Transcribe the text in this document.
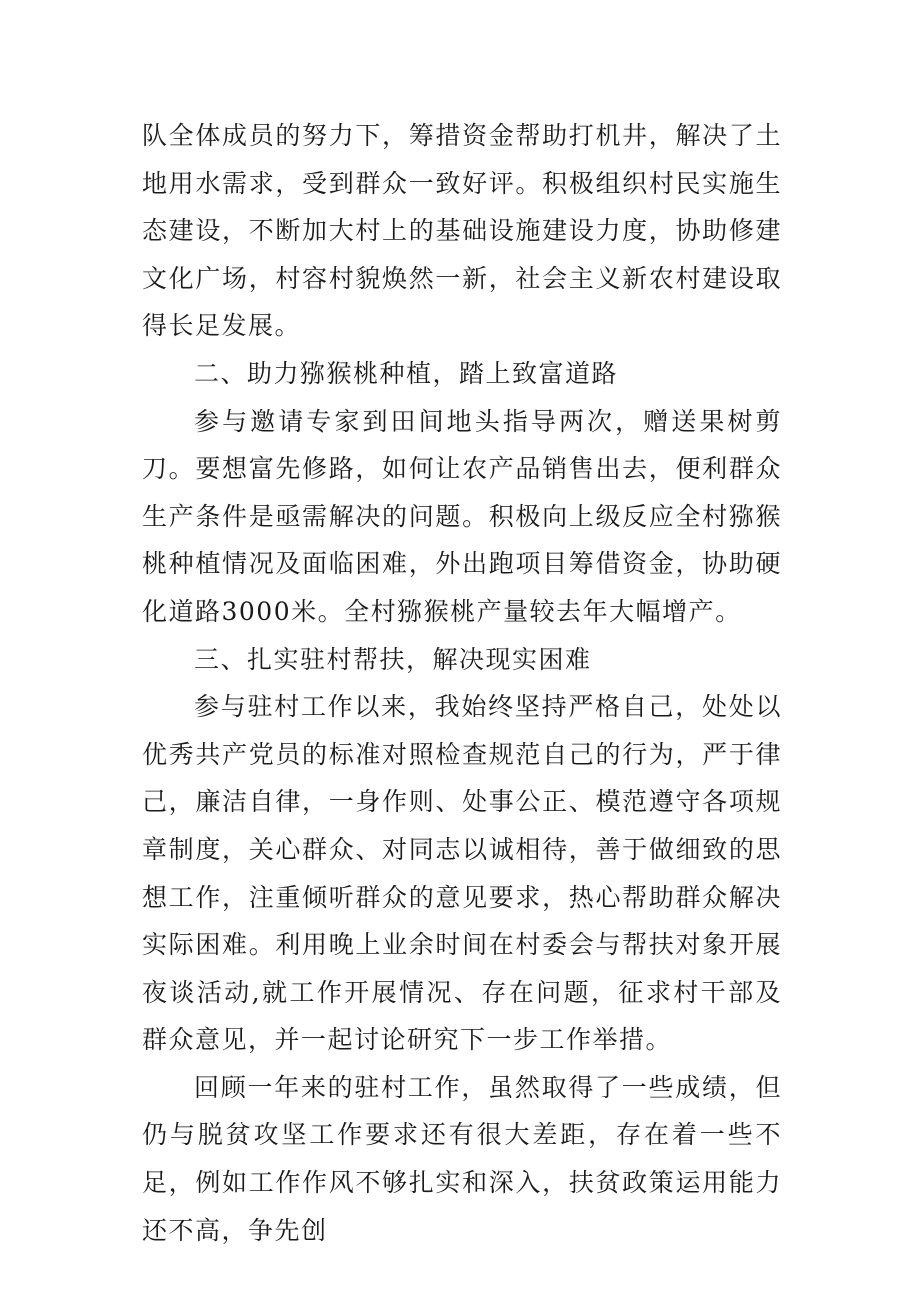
队全体成员的努力下，筹措资金帮助打机井，解决了土地用水需求，受到群众一致好评。积极组织村民实施生态建设，不断加大村上的基础设施建设力度，协助修建文化广场，村容村貌焕然一新，社会主义新农村建设取得长足发展。

二、助力猕猴桃种植，踏上致富道路

参与邀请专家到田间地头指导两次，赠送果树剪刀。要想富先修路，如何让农产品销售出去，便利群众生产条件是亟需解决的问题。积极向上级反应全村猕猴桃种植情况及面临困难，外出跑项目筹借资金，协助硬化道路3000米。全村猕猴桃产量较去年大幅增产。

三、扎实驻村帮扶，解决现实困难

参与驻村工作以来，我始终坚持严格自己，处处以优秀共产党员的标准对照检查规范自己的行为，严于律己，廉洁自律，一身作则、处事公正、模范遵守各项规章制度，关心群众、对同志以诚相待，善于做细致的思想工作，注重倾听群众的意见要求，热心帮助群众解决实际困难。利用晚上业余时间在村委会与帮扶对象开展夜谈活动,就工作开展情况、存在问题，征求村干部及群众意见，并一起讨论研究下一步工作举措。

回顾一年来的驻村工作，虽然取得了一些成绩，但仍与脱贫攻坚工作要求还有很大差距，存在着一些不足，例如工作作风不够扎实和深入，扶贫政策运用能力还不高，争先创
